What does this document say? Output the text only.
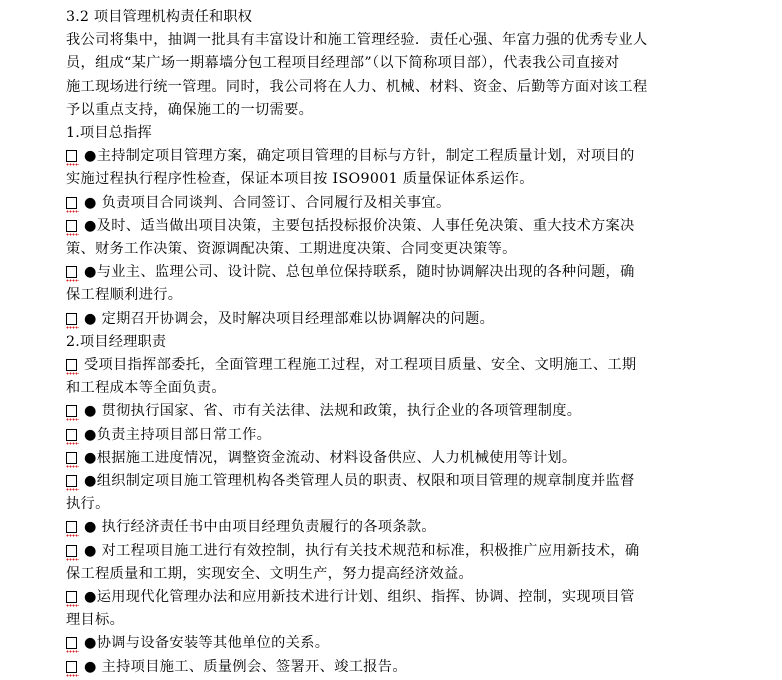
3.2 项目管理机构责任和职权
我公司将集中，抽调一批具有丰富设计和施工管理经验．责任心强、年富力强的优秀专业人
员，组成“某广场一期幕墙分包工程项目经理部”（以下简称项目部），代表我公司直接对
施工现场进行统一管理。同时，我公司将在人力、机械、材料、资金、后勤等方面对该工程
予以重点支持，确保施工的一切需要。
1.项目总指挥
●主持制定项目管理方案，确定项目管理的目标与方针，制定工程质量计划，对项目的
实施过程执行程序性检查，保证本项目按 ISO9001 质量保证体系运作。
● 负责项目合同谈判、合同签订、合同履行及相关事宜。
●及时、适当做出项目决策，主要包括投标报价决策、人事任免决策、重大技术方案决
策、财务工作决策、资源调配决策、工期进度决策、合同变更决策等。
●与业主、监理公司、设计院、总包单位保持联系，随时协调解决出现的各种问题，确
保工程顺利进行。
● 定期召开协调会，及时解决项目经理部难以协调解决的问题。
2.项目经理职责
受项目指挥部委托，全面管理工程施工过程，对工程项目质量、安全、文明施工、工期
和工程成本等全面负责。
● 贯彻执行国家、省、市有关法律、法规和政策，执行企业的各项管理制度。
●负责主持项目部日常工作。
●根据施工进度情况，调整资金流动、材料设备供应、人力机械使用等计划。
●组织制定项目施工管理机构各类管理人员的职责、权限和项目管理的规章制度并监督
执行。
● 执行经济责任书中由项目经理负责履行的各项条款。
● 对工程项目施工进行有效控制，执行有关技术规范和标准，积极推广应用新技术，确
保工程质量和工期，实现安全、文明生产，努力提高经济效益。
●运用现代化管理办法和应用新技术进行计划、组织、指挥、协调、控制，实现项目管
理目标。
●协调与设备安装等其他单位的关系。
● 主持项目施工、质量例会、签署开、竣工报告。
